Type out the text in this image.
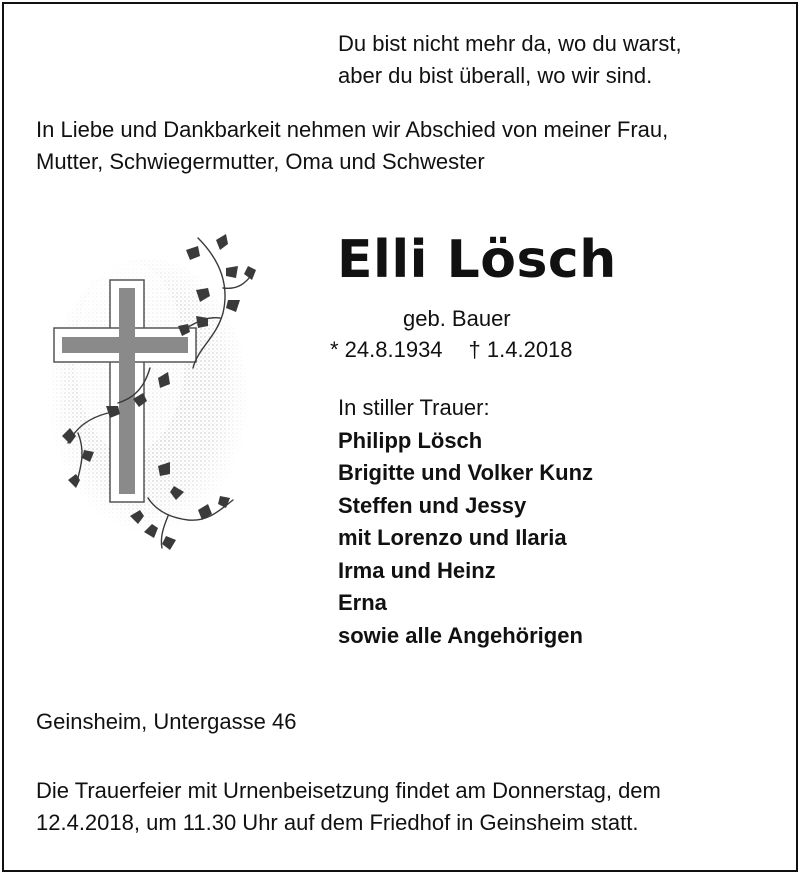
Du bist nicht mehr da, wo du warst,
aber du bist überall, wo wir sind.

In Liebe und Dankbarkeit nehmen wir Abschied von meiner Frau,
Mutter, Schwiegermutter, Oma und Schwester

Elli Lösch

geb. Bauer

* 24.8.1934 † 1.4.2018

In stiller Trauer:
Philipp Lösch
Brigitte und Volker Kunz
Steffen und Jessy
mit Lorenzo und Ilaria
Irma und Heinz
Erna
sowie alle Angehörigen

Geinsheim, Untergasse 46

Die Trauerfeier mit Urnenbeisetzung findet am Donnerstag, dem
12.4.2018, um 11.30 Uhr auf dem Friedhof in Geinsheim statt.
